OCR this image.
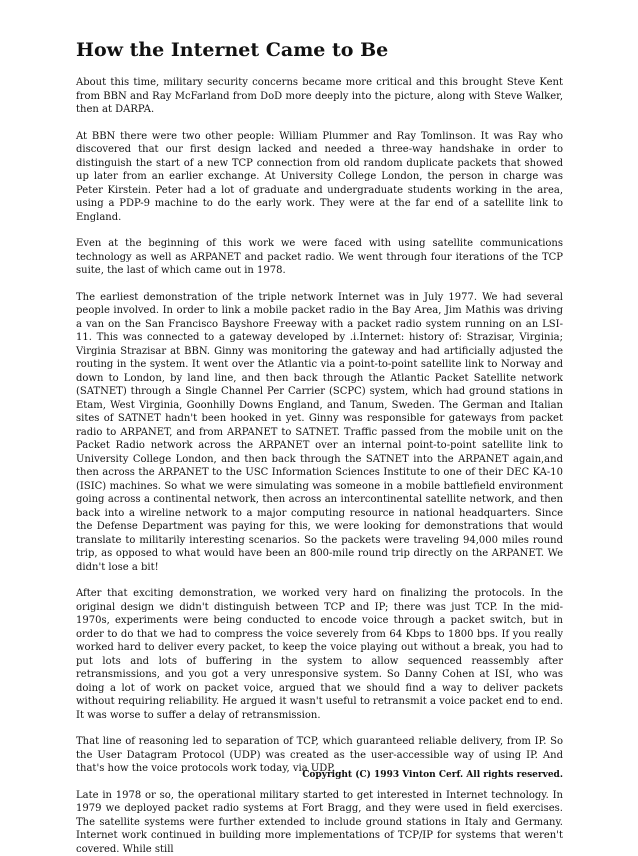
How the Internet Came to Be

About this time, military security concerns became more critical and this brought Steve Kent from BBN and Ray McFarland from DoD more deeply into the picture, along with Steve Walker, then at DARPA.

At BBN there were two other people: William Plummer and Ray Tomlinson. It was Ray who discovered that our first design lacked and needed a three-way handshake in order to distinguish the start of a new TCP connection from old random duplicate packets that showed up later from an earlier exchange. At University College London, the person in charge was Peter Kirstein. Peter had a lot of graduate and undergraduate students working in the area, using a PDP-9 machine to do the early work. They were at the far end of a satellite link to England.

Even at the beginning of this work we were faced with using satellite communications technology as well as ARPANET and packet radio. We went through four iterations of the TCP suite, the last of which came out in 1978.

The earliest demonstration of the triple network Internet was in July 1977. We had several people involved. In order to link a mobile packet radio in the Bay Area, Jim Mathis was driving a van on the San Francisco Bayshore Freeway with a packet radio system running on an LSI-11. This was connected to a gateway developed by .i.Internet: history of: Strazisar, Virginia; Virginia Strazisar at BBN. Ginny was monitoring the gateway and had artificially adjusted the routing in the system. It went over the Atlantic via a point-to-point satellite link to Norway and down to London, by land line, and then back through the Atlantic Packet Satellite network (SATNET) through a Single Channel Per Carrier (SCPC) system, which had ground stations in Etam, West Virginia, Goonhilly Downs England, and Tanum, Sweden. The German and Italian sites of SATNET hadn't been hooked in yet. Ginny was responsible for gateways from packet radio to ARPANET, and from ARPANET to SATNET. Traffic passed from the mobile unit on the Packet Radio network across the ARPANET over an internal point-to-point satellite link to University College London, and then back through the SATNET into the ARPANET again,and then across the ARPANET to the USC Information Sciences Institute to one of their DEC KA-10 (ISIC) machines. So what we were simulating was someone in a mobile battlefield environment going across a continental network, then across an intercontinental satellite network, and then back into a wireline network to a major computing resource in national headquarters. Since the Defense Department was paying for this, we were looking for demonstrations that would translate to militarily interesting scenarios. So the packets were traveling 94,000 miles round trip, as opposed to what would have been an 800-mile round trip directly on the ARPANET. We didn't lose a bit!

After that exciting demonstration, we worked very hard on finalizing the protocols. In the original design we didn't distinguish between TCP and IP; there was just TCP. In the mid-1970s, experiments were being conducted to encode voice through a packet switch, but in order to do that we had to compress the voice severely from 64 Kbps to 1800 bps. If you really worked hard to deliver every packet, to keep the voice playing out without a break, you had to put lots and lots of buffering in the system to allow sequenced reassembly after retransmissions, and you got a very unresponsive system. So Danny Cohen at ISI, who was doing a lot of work on packet voice, argued that we should find a way to deliver packets without requiring reliability. He argued it wasn't useful to retransmit a voice packet end to end. It was worse to suffer a delay of retransmission.

That line of reasoning led to separation of TCP, which guaranteed reliable delivery, from IP. So the User Datagram Protocol (UDP) was created as the user-accessible way of using IP. And that's how the voice protocols work today, via UDP.

Late in 1978 or so, the operational military started to get interested in Internet technology. In 1979 we deployed packet radio systems at Fort Bragg, and they were used in field exercises. The satellite systems were further extended to include ground stations in Italy and Germany. Internet work continued in building more implementations of TCP/IP for systems that weren't covered. While still

Copyright (C) 1993 Vinton Cerf. All rights reserved.
